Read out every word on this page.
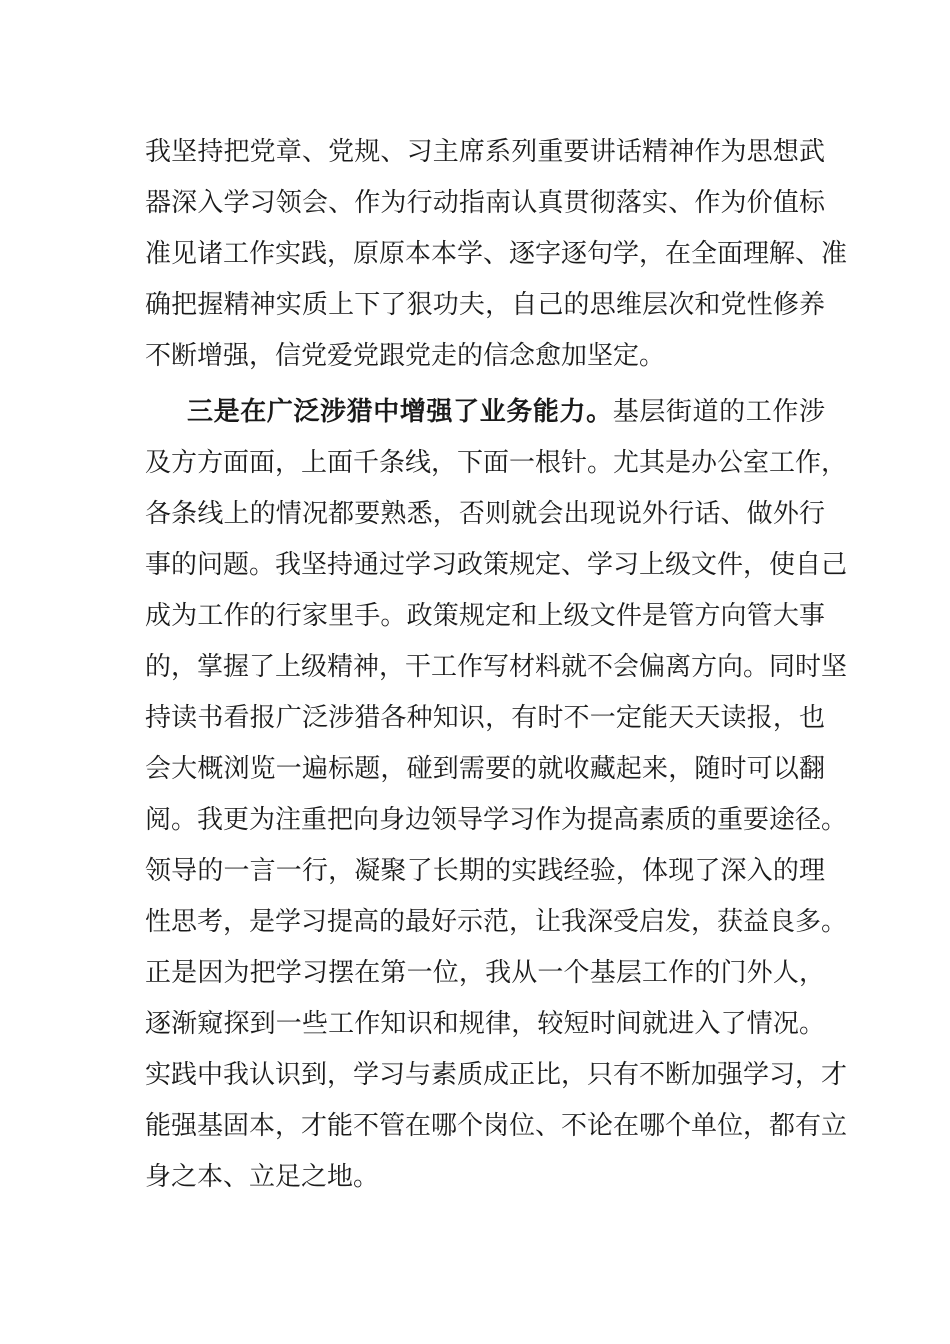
我坚持把党章、党规、习主席系列重要讲话精神作为思想武
器深入学习领会、作为行动指南认真贯彻落实、作为价值标
准见诸工作实践，原原本本学、逐字逐句学，在全面理解、准
确把握精神实质上下了狠功夫，自己的思维层次和党性修养
不断增强，信党爱党跟党走的信念愈加坚定。
三是在广泛涉猎中增强了业务能力。基层街道的工作涉
及方方面面，上面千条线，下面一根针。尤其是办公室工作，
各条线上的情况都要熟悉，否则就会出现说外行话、做外行
事的问题。我坚持通过学习政策规定、学习上级文件，使自己
成为工作的行家里手。政策规定和上级文件是管方向管大事
的，掌握了上级精神，干工作写材料就不会偏离方向。同时坚
持读书看报广泛涉猎各种知识，有时不一定能天天读报，也
会大概浏览一遍标题，碰到需要的就收藏起来，随时可以翻
阅。我更为注重把向身边领导学习作为提高素质的重要途径。
领导的一言一行，凝聚了长期的实践经验，体现了深入的理
性思考，是学习提高的最好示范，让我深受启发，获益良多。
正是因为把学习摆在第一位，我从一个基层工作的门外人，
逐渐窥探到一些工作知识和规律，较短时间就进入了情况。
实践中我认识到，学习与素质成正比，只有不断加强学习，才
能强基固本，才能不管在哪个岗位、不论在哪个单位，都有立
身之本、立足之地。
